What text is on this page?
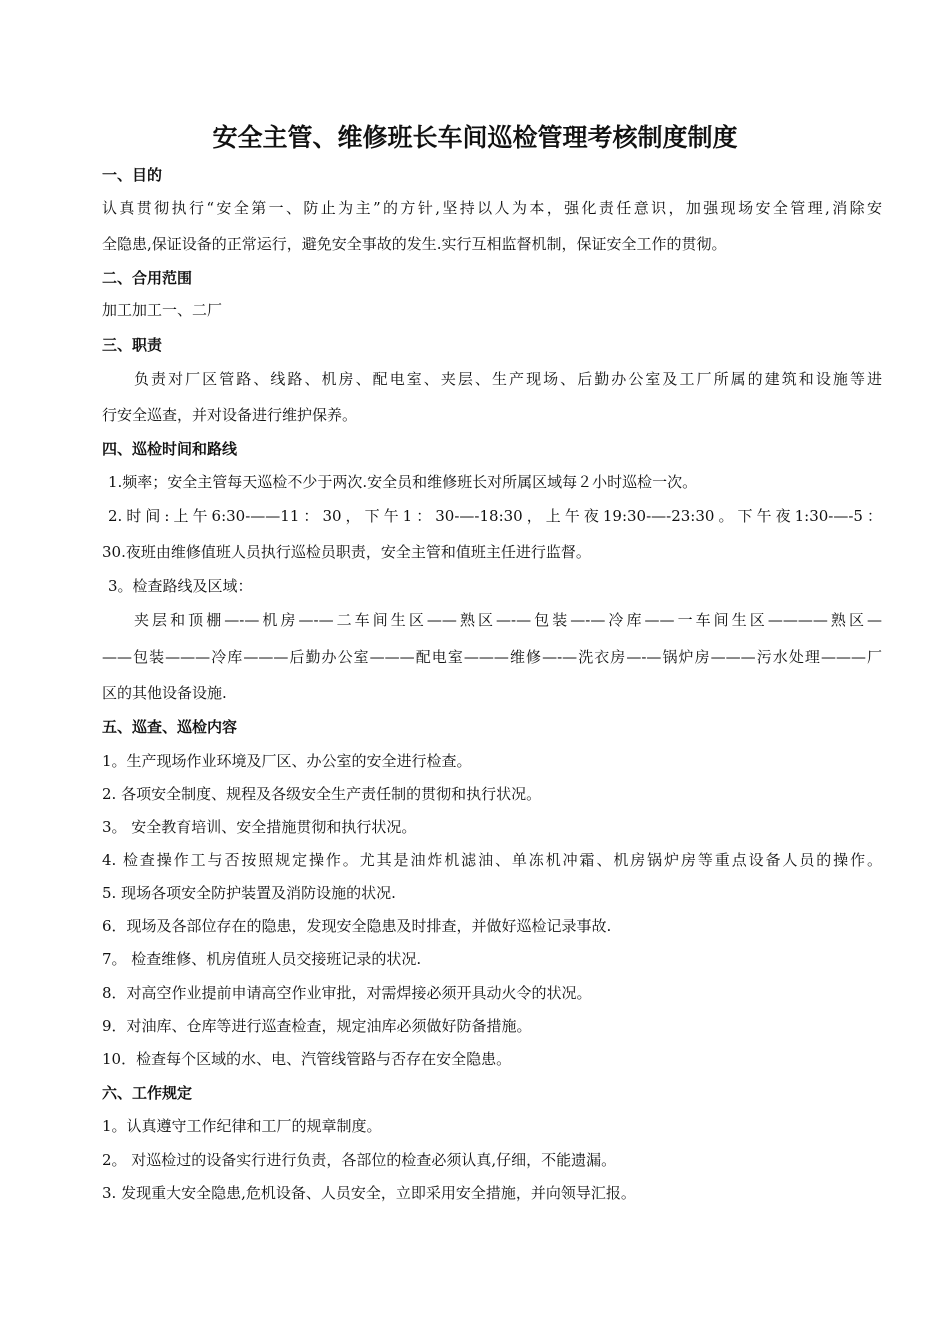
安全主管、维修班长车间巡检管理考核制度制度

一、目的

认真贯彻执行“安全第一、防止为主”的方针,坚持以人为本，强化责任意识，加强现场安全管理,消除安

全隐患,保证设备的正常运行，避免安全事故的发生.实行互相监督机制，保证安全工作的贯彻。

二、合用范围

加工加工一、二厂

三、职责

负责对厂区管路、线路、机房、配电室、夹层、生产现场、后勤办公室及工厂所属的建筑和设施等进

行安全巡查，并对设备进行维护保养。

四、巡检时间和路线

1.频率；安全主管每天巡检不少于两次.安全员和维修班长对所属区域每２小时巡检一次。

2.时间:上午6:30-——11：30，下午1：30-—-18:30，上午夜19:30-—-23:30。下午夜1:30-—-5：

30.夜班由维修值班人员执行巡检员职责，安全主管和值班主任进行监督。

3。检查路线及区域：

夹层和顶棚—-—机房—-—二车间生区——熟区—-—包装—-—冷库——一车间生区————熟区—

——包装———冷库———后勤办公室———配电室———维修—-—洗衣房—-—锅炉房———污水处理———厂

区的其他设备设施.

五、巡查、巡检内容

1。生产现场作业环境及厂区、办公室的安全进行检查。

2. 各项安全制度、规程及各级安全生产责任制的贯彻和执行状况。

3。 安全教育培训、安全措施贯彻和执行状况。

4. 检查操作工与否按照规定操作。尤其是油炸机滤油、单冻机冲霜、机房锅炉房等重点设备人员的操作。

5. 现场各项安全防护装置及消防设施的状况.

6．现场及各部位存在的隐患，发现安全隐患及时排查，并做好巡检记录事故.

7。 检查维修、机房值班人员交接班记录的状况.

8．对高空作业提前申请高空作业审批，对需焊接必须开具动火令的状况。

9．对油库、仓库等进行巡查检查，规定油库必须做好防备措施。

10．检查每个区域的水、电、汽管线管路与否存在安全隐患。

六、工作规定

1。认真遵守工作纪律和工厂的规章制度。

2。 对巡检过的设备实行进行负责，各部位的检查必须认真,仔细，不能遗漏。

3. 发现重大安全隐患,危机设备、人员安全，立即采用安全措施，并向领导汇报。
